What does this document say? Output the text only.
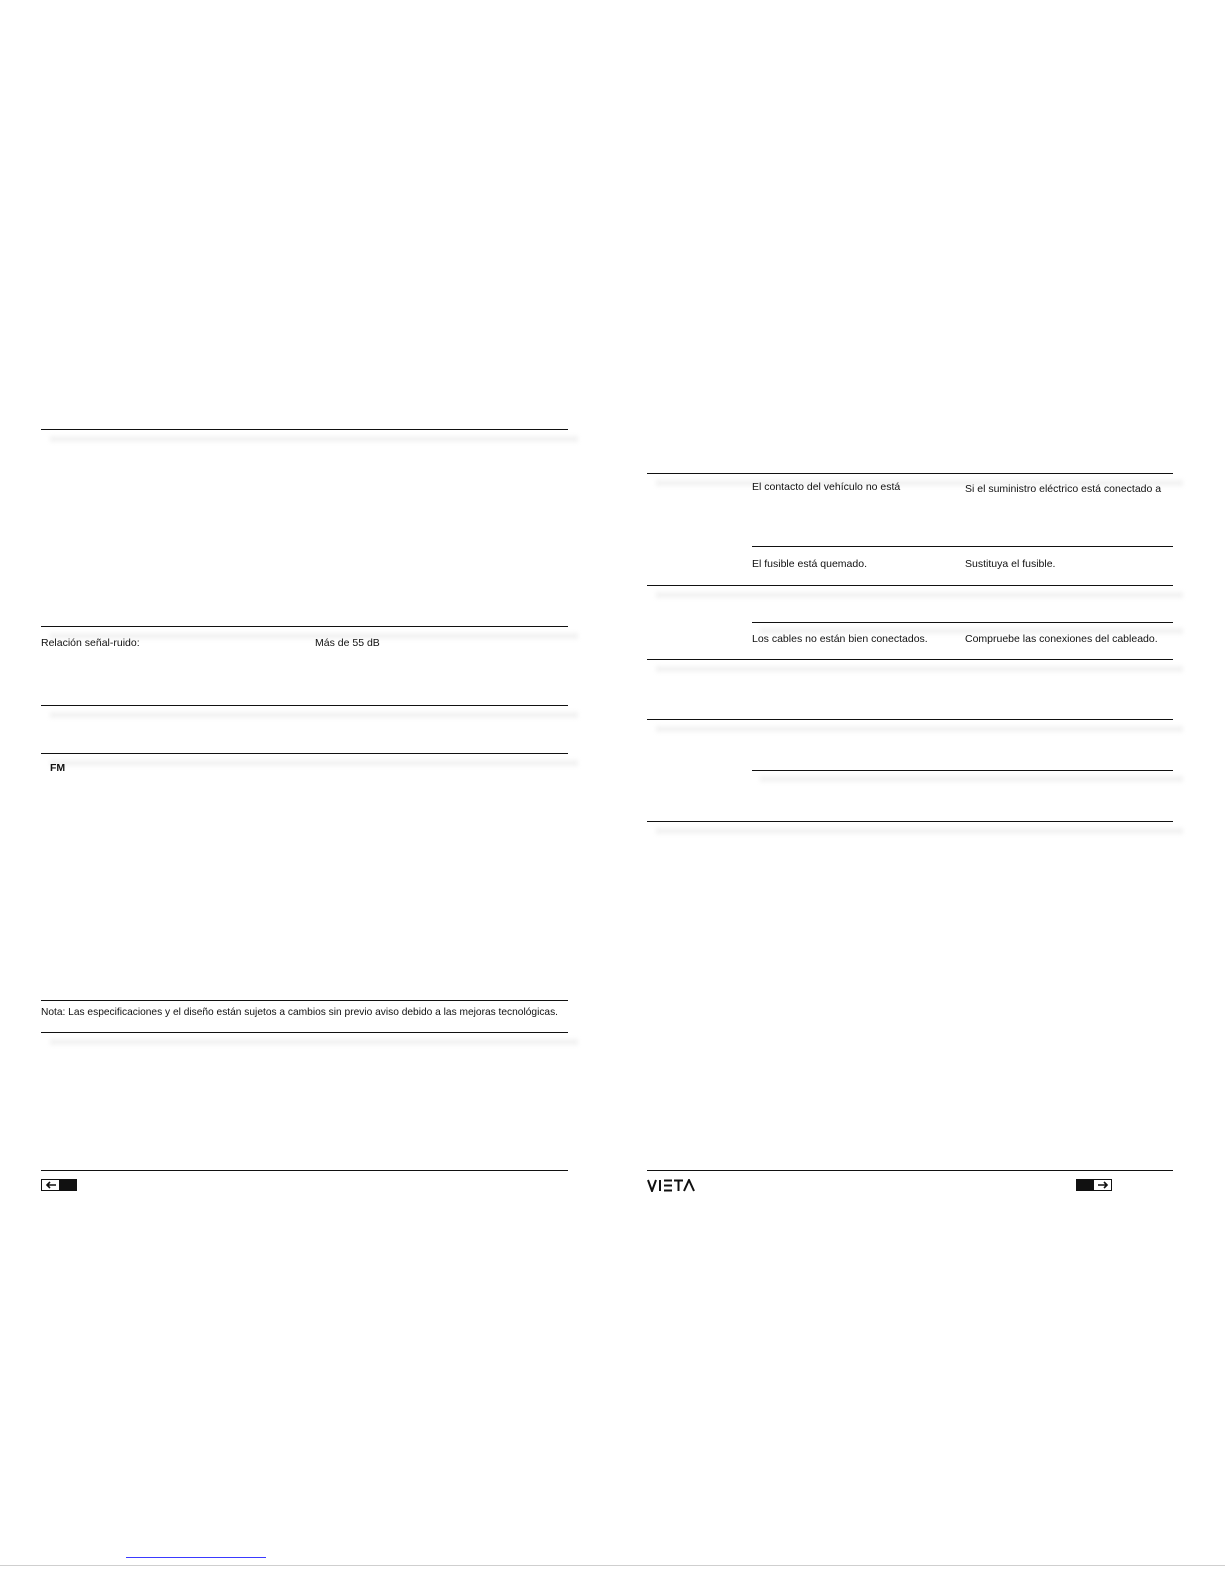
Relación señal-ruido:	Más de 55 dB
FM
Nota: Las especificaciones y el diseño están sujetos a cambios sin previo aviso debido a las mejoras tecnológicas.
El contacto del vehículo no está	Si el suministro eléctrico está conectado a
El fusible está quemado.	Sustituya el fusible.
Los cables no están bien conectados.	Compruebe las conexiones del cableado.
